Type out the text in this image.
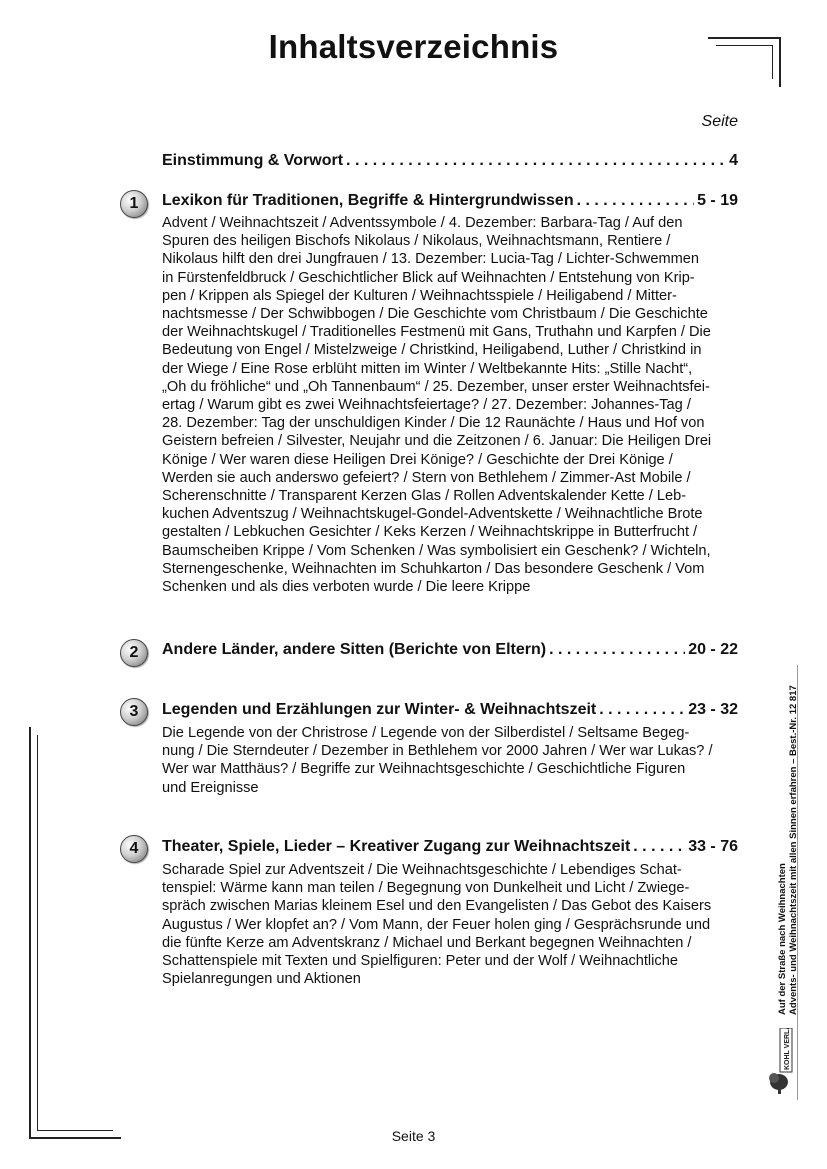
Inhaltsverzeichnis
Seite
Einstimmung & Vorwort . . .	4
1	Lexikon für Traditionen, Begriffe & Hintergrundwissen . . .	5 - 19
Advent / Weihnachtszeit / Adventssymbole / 4. Dezember: Barbara-Tag / Auf den
Spuren des heiligen Bischofs Nikolaus / Nikolaus, Weihnachtsmann, Rentiere /
Nikolaus hilft den drei Jungfrauen / 13. Dezember: Lucia-Tag / Lichter-Schwemmen
in Fürstenfeldbruck / Geschichtlicher Blick auf Weihnachten / Entstehung von Krip-
pen / Krippen als Spiegel der Kulturen / Weihnachtsspiele / Heiligabend / Mitter-
nachtsmesse / Der Schwibbogen / Die Geschichte vom Christbaum / Die Geschichte
der Weihnachtskugel / Traditionelles Festmenü mit Gans, Truthahn und Karpfen / Die
Bedeutung von Engel / Mistelzweige / Christkind, Heiligabend, Luther / Christkind in
der Wiege / Eine Rose erblüht mitten im Winter / Weltbekannte Hits: „Stille Nacht“,
„Oh du fröhliche“ und „Oh Tannenbaum“ / 25. Dezember, unser erster Weihnachtsfei-
ertag / Warum gibt es zwei Weihnachtsfeiertage? / 27. Dezember: Johannes-Tag /
28. Dezember: Tag der unschuldigen Kinder / Die 12 Raunächte / Haus und Hof von
Geistern befreien / Silvester, Neujahr und die Zeitzonen / 6. Januar: Die Heiligen Drei
Könige / Wer waren diese Heiligen Drei Könige? / Geschichte der Drei Könige /
Werden sie auch anderswo gefeiert? / Stern von Bethlehem / Zimmer-Ast Mobile /
Scherenschnitte / Transparent Kerzen Glas / Rollen Adventskalender Kette / Leb-
kuchen Adventszug / Weihnachtskugel-Gondel-Adventskette / Weihnachtliche Brote
gestalten / Lebkuchen Gesichter / Keks Kerzen / Weihnachtskrippe in Butterfrucht /
Baumscheiben Krippe / Vom Schenken / Was symbolisiert ein Geschenk? / Wichteln,
Sternengeschenke, Weihnachten im Schuhkarton / Das besondere Geschenk / Vom
Schenken und als dies verboten wurde / Die leere Krippe
2	Andere Länder, andere Sitten (Berichte von Eltern) . . .	20 - 22
3	Legenden und Erzählungen zur Winter- & Weihnachtszeit . . .	23 - 32
Die Legende von der Christrose / Legende von der Silberdistel / Seltsame Begeg-
nung / Die Sterndeuter / Dezember in Bethlehem vor 2000 Jahren / Wer war Lukas? /
Wer war Matthäus? / Begriffe zur Weihnachtsgeschichte / Geschichtliche Figuren
und Ereignisse
4	Theater, Spiele, Lieder – Kreativer Zugang zur Weihnachtszeit . . .	33 - 76
Scharade Spiel zur Adventszeit / Die Weihnachtsgeschichte / Lebendiges Schat-
tenspiel: Wärme kann man teilen / Begegnung von Dunkelheit und Licht / Zwiege-
spräch zwischen Marias kleinem Esel und den Evangelisten / Das Gebot des Kaisers
Augustus / Wer klopfet an? / Vom Mann, der Feuer holen ging / Gesprächsrunde und
die fünfte Kerze am Adventskranz / Michael und Berkant begegnen Weihnachten /
Schattenspiele mit Texten und Spielfiguren: Peter und der Wolf / Weihnachtliche
Spielanregungen und Aktionen	Auf der Straße nach Weihnachten Advents- und Weihnachtszeit mit allen Sinnen erfahren – Best.-Nr. 12 817
KOHL VERLAG
Seite 3
